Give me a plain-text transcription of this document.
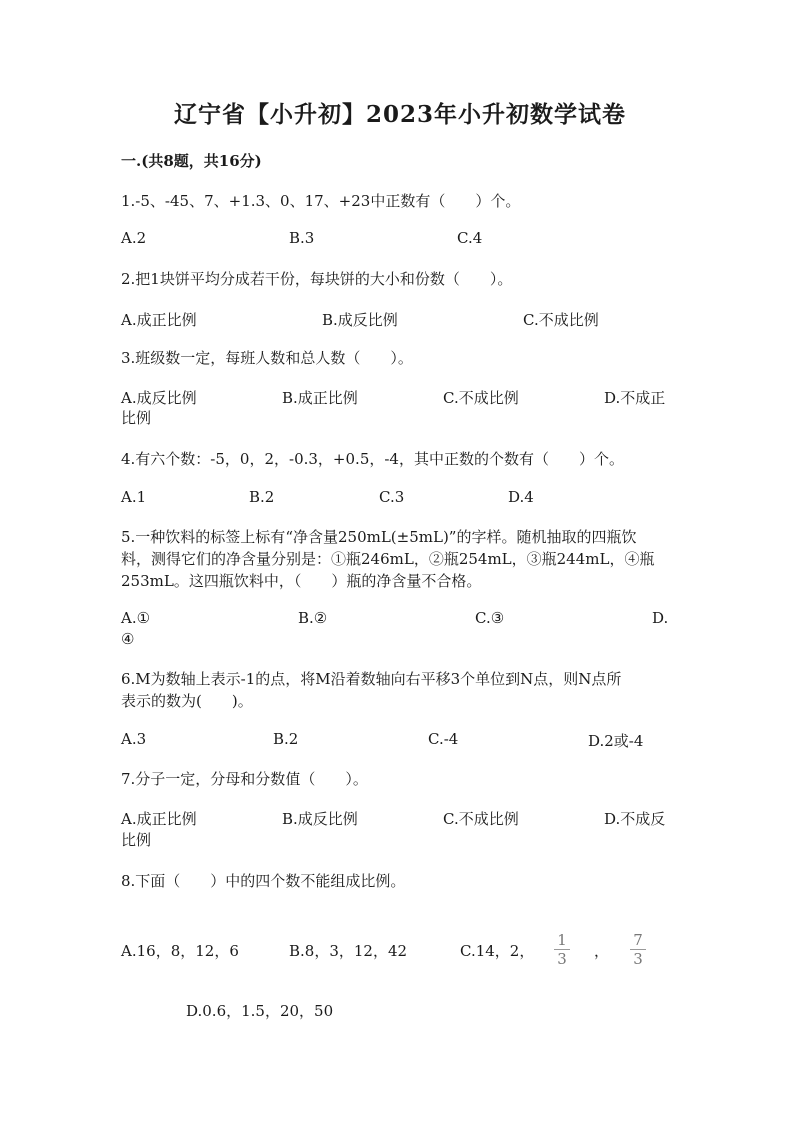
辽宁省【小升初】2023年小升初数学试卷
一.(共8题，共16分)
1.-5、-45、7、+1.3、0、17、+23中正数有（　　）个。
A.2	B.3	C.4
2.把1块饼平均分成若干份，每块饼的大小和份数（　　）。
A.成正比例	B.成反比例	C.不成比例
3.班级数一定，每班人数和总人数（　　）。
A.成反比例	B.成正比例	C.不成比例	D.不成正
比例
4.有六个数：-5，0，2，-0.3，+0.5，-4，其中正数的个数有（　　）个。
A.1	B.2	C.3	D.4
5.一种饮料的标签上标有“净含量250mL(±5mL)”的字样。随机抽取的四瓶饮
料，测得它们的净含量分别是：①瓶246mL，②瓶254mL，③瓶244mL，④瓶
253mL。这四瓶饮料中，（　　）瓶的净含量不合格。
A.①	B.②	C.③	D.
④
6.M为数轴上表示-1的点，将M沿着数轴向右平移3个单位到N点，则N点所
表示的数为(　　)。
A.3	B.2	C.-4	D.2或-4
7.分子一定，分母和分数值（　　）。
A.成正比例	B.成反比例	C.不成比例	D.不成反
比例
8.下面（　　）中的四个数不能组成比例。
A.16，8，12，6	B.8，3，12，42	C.14，2，
1
3	，
7
3
D.0.6，1.5，20，50
